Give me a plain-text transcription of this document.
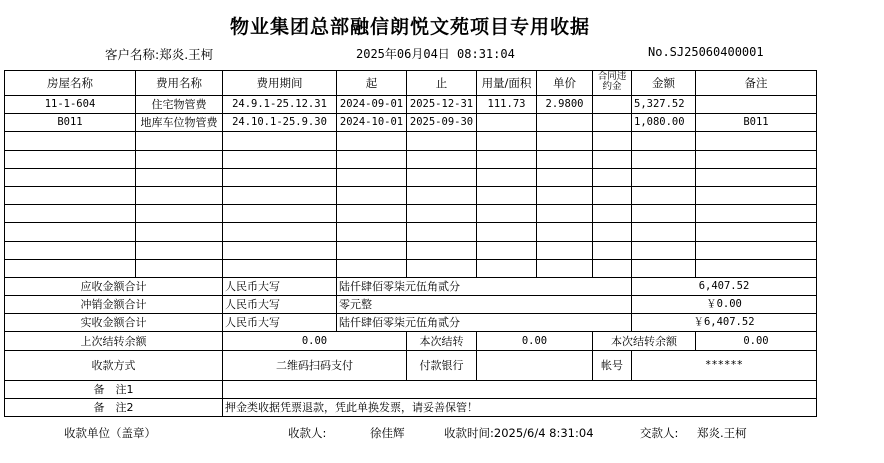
物业集团总部融信朗悦文苑项目专用收据
客户名称:郑炎.王柯	2025年06月04日 08:31:04	No.SJ25060400001
房屋名称	费用名称	费用期间	起	止	用量/面积	单价	合同违约金	金额	备注
11-1-604	住宅物管费	24.9.1-25.12.31	2024-09-01	2025-12-31	111.73	2.9800		5,327.52	
B011	地库车位物管费	24.10.1-25.9.30	2024-10-01	2025-09-30				1,080.00	B011

应收金额合计		人民币大写	陆仟肆佰零柒元伍角贰分					6,407.52	
冲销金额合计		人民币大写	零元整					￥0.00	
实收金额合计		人民币大写	陆仟肆佰零柒元伍角贰分					￥6,407.52	
上次结转余额		0.00		本次结转	0.00		本次结转余额		0.00
收款方式		二维码扫码支付		付款银行			帐号	******	
备　注1									
备　注2		押金类收据凭票退款，凭此单换发票，请妥善保管！							
收款单位（盖章）	收款人:	徐佳辉	收款时间:2025/6/4 8:31:04	交款人: 郑炎.王柯
